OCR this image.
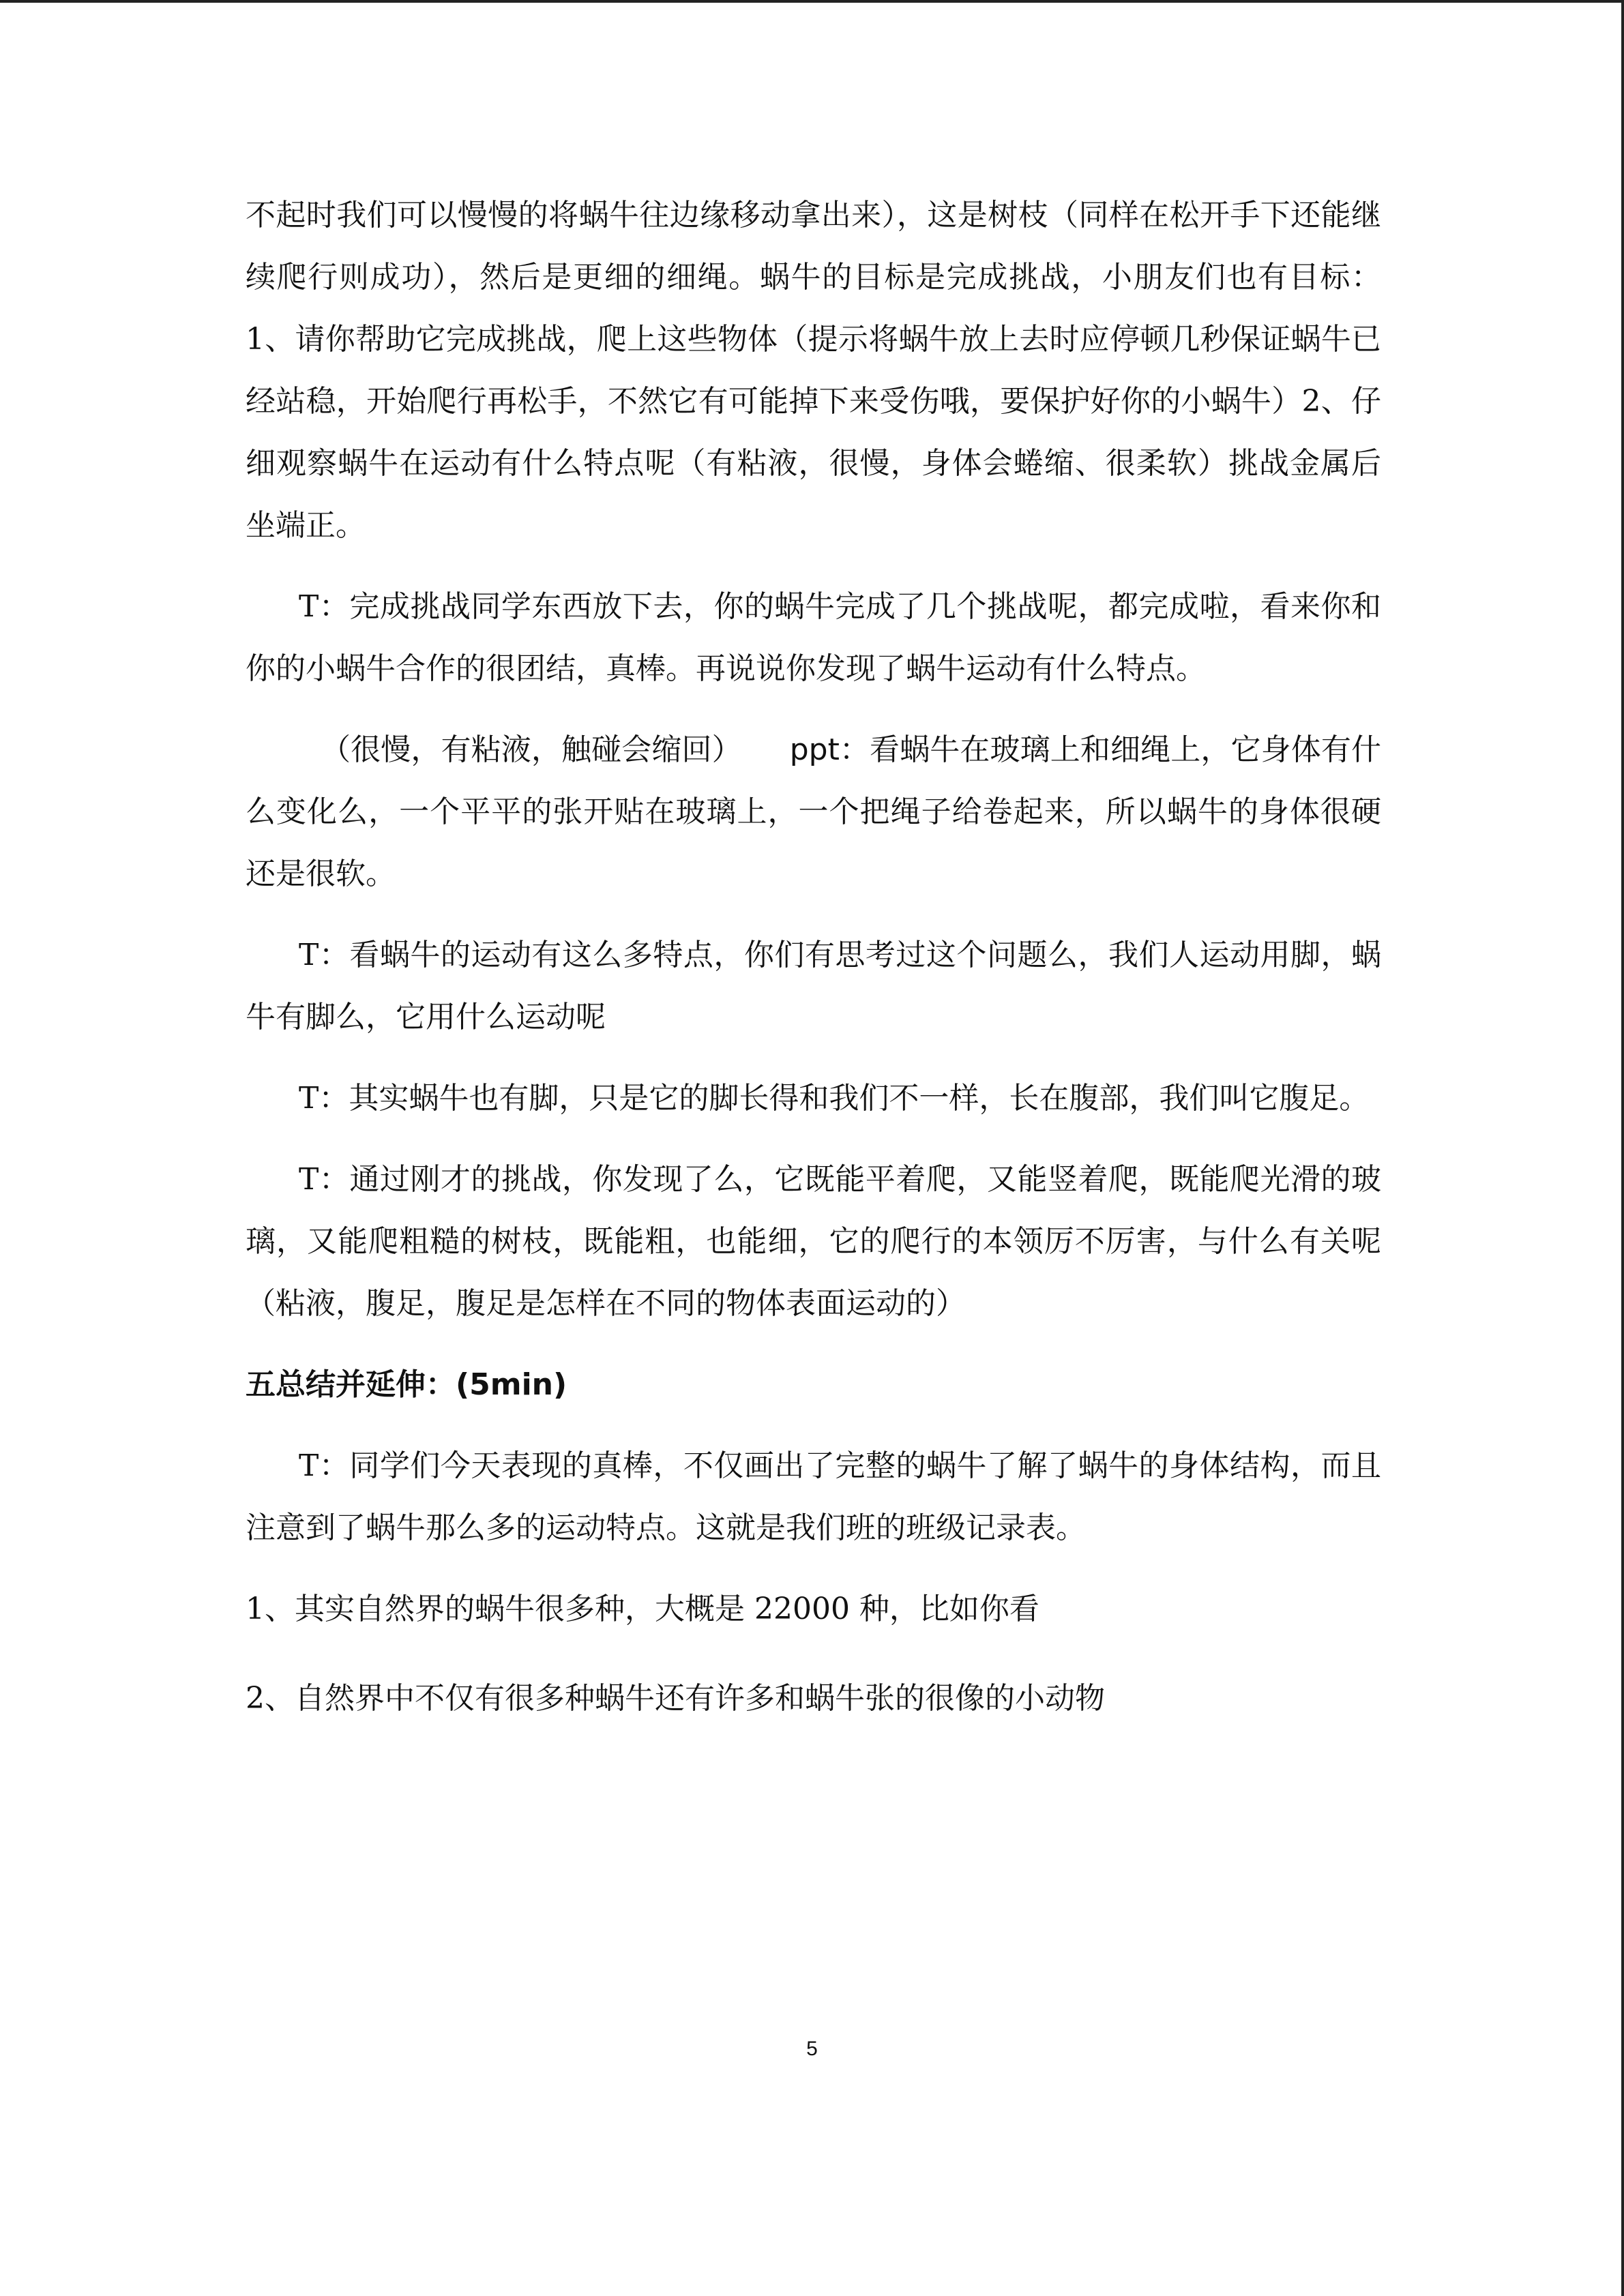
不起时我们可以慢慢的将蜗牛往边缘移动拿出来），这是树枝（同样在松开手下还能继续爬行则成功），然后是更细的细绳。蜗牛的目标是完成挑战，小朋友们也有目标：1、请你帮助它完成挑战，爬上这些物体（提示将蜗牛放上去时应停顿几秒保证蜗牛已经站稳，开始爬行再松手，不然它有可能掉下来受伤哦，要保护好你的小蜗牛）2、仔细观察蜗牛在运动有什么特点呢（有粘液，很慢，身体会蜷缩、很柔软）挑战金属后坐端正。

T：完成挑战同学东西放下去，你的蜗牛完成了几个挑战呢，都完成啦，看来你和你的小蜗牛合作的很团结，真棒。再说说你发现了蜗牛运动有什么特点。

（很慢，有粘液，触碰会缩回） ppt：看蜗牛在玻璃上和细绳上，它身体有什么变化么，一个平平的张开贴在玻璃上，一个把绳子给卷起来，所以蜗牛的身体很硬还是很软。

T：看蜗牛的运动有这么多特点，你们有思考过这个问题么，我们人运动用脚，蜗牛有脚么，它用什么运动呢

T：其实蜗牛也有脚，只是它的脚长得和我们不一样，长在腹部，我们叫它腹足。

T：通过刚才的挑战，你发现了么，它既能平着爬，又能竖着爬，既能爬光滑的玻璃，又能爬粗糙的树枝，既能粗，也能细，它的爬行的本领厉不厉害，与什么有关呢（粘液，腹足，腹足是怎样在不同的物体表面运动的）

五总结并延伸：(5min)

T：同学们今天表现的真棒，不仅画出了完整的蜗牛了解了蜗牛的身体结构，而且注意到了蜗牛那么多的运动特点。这就是我们班的班级记录表。

1、其实自然界的蜗牛很多种，大概是 22000 种，比如你看

2、自然界中不仅有很多种蜗牛还有许多和蜗牛张的很像的小动物

5
